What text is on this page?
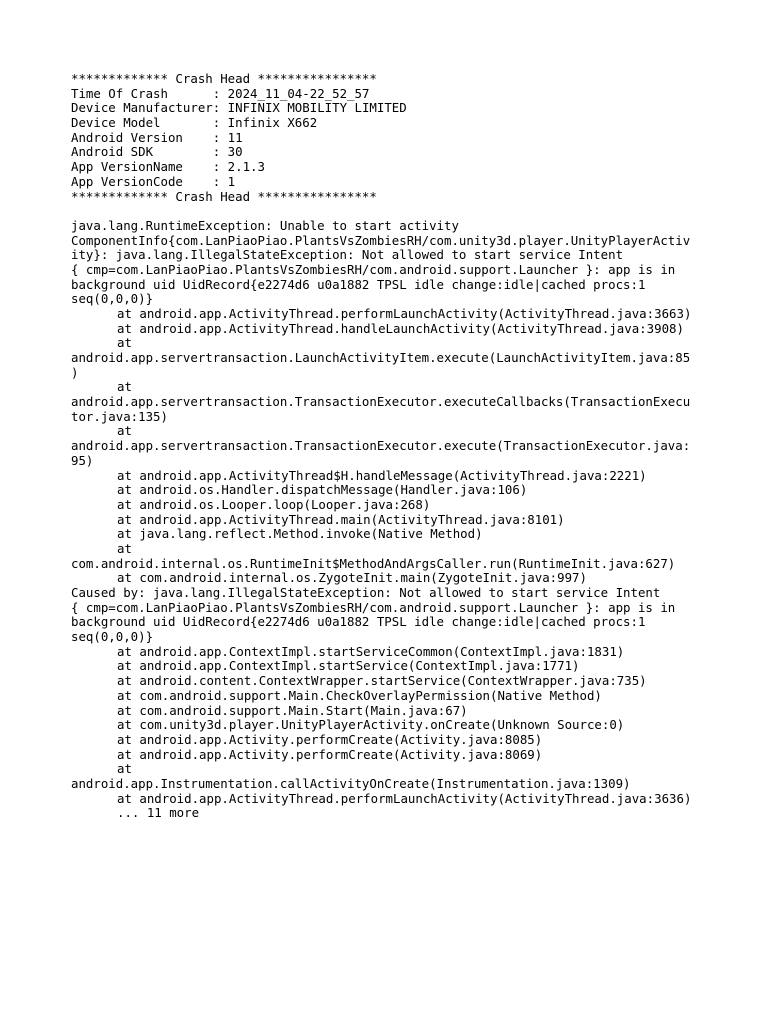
************* Crash Head ****************
Time Of Crash      : 2024_11_04-22_52_57
Device Manufacturer: INFINIX MOBILITY LIMITED
Device Model       : Infinix X662
Android Version    : 11
Android SDK        : 30
App VersionName    : 2.1.3
App VersionCode    : 1
************* Crash Head ****************
java.lang.RuntimeException: Unable to start activity
ComponentInfo{com.LanPiaoPiao.PlantsVsZombiesRH/com.unity3d.player.UnityPlayerActiv
ity}: java.lang.IllegalStateException: Not allowed to start service Intent
{ cmp=com.LanPiaoPiao.PlantsVsZombiesRH/com.android.support.Launcher }: app is in
background uid UidRecord{e2274d6 u0a1882 TPSL idle change:idle|cached procs:1
seq(0,0,0)}
at android.app.ActivityThread.performLaunchActivity(ActivityThread.java:3663)
at android.app.ActivityThread.handleLaunchActivity(ActivityThread.java:3908)
at
android.app.servertransaction.LaunchActivityItem.execute(LaunchActivityItem.java:85
)
at
android.app.servertransaction.TransactionExecutor.executeCallbacks(TransactionExecu
tor.java:135)
at
android.app.servertransaction.TransactionExecutor.execute(TransactionExecutor.java:
95)
at android.app.ActivityThread$H.handleMessage(ActivityThread.java:2221)
at android.os.Handler.dispatchMessage(Handler.java:106)
at android.os.Looper.loop(Looper.java:268)
at android.app.ActivityThread.main(ActivityThread.java:8101)
at java.lang.reflect.Method.invoke(Native Method)
at
com.android.internal.os.RuntimeInit$MethodAndArgsCaller.run(RuntimeInit.java:627)
at com.android.internal.os.ZygoteInit.main(ZygoteInit.java:997)
Caused by: java.lang.IllegalStateException: Not allowed to start service Intent
{ cmp=com.LanPiaoPiao.PlantsVsZombiesRH/com.android.support.Launcher }: app is in
background uid UidRecord{e2274d6 u0a1882 TPSL idle change:idle|cached procs:1
seq(0,0,0)}
at android.app.ContextImpl.startServiceCommon(ContextImpl.java:1831)
at android.app.ContextImpl.startService(ContextImpl.java:1771)
at android.content.ContextWrapper.startService(ContextWrapper.java:735)
at com.android.support.Main.CheckOverlayPermission(Native Method)
at com.android.support.Main.Start(Main.java:67)
at com.unity3d.player.UnityPlayerActivity.onCreate(Unknown Source:0)
at android.app.Activity.performCreate(Activity.java:8085)
at android.app.Activity.performCreate(Activity.java:8069)
at
android.app.Instrumentation.callActivityOnCreate(Instrumentation.java:1309)
at android.app.ActivityThread.performLaunchActivity(ActivityThread.java:3636)
... 11 more
